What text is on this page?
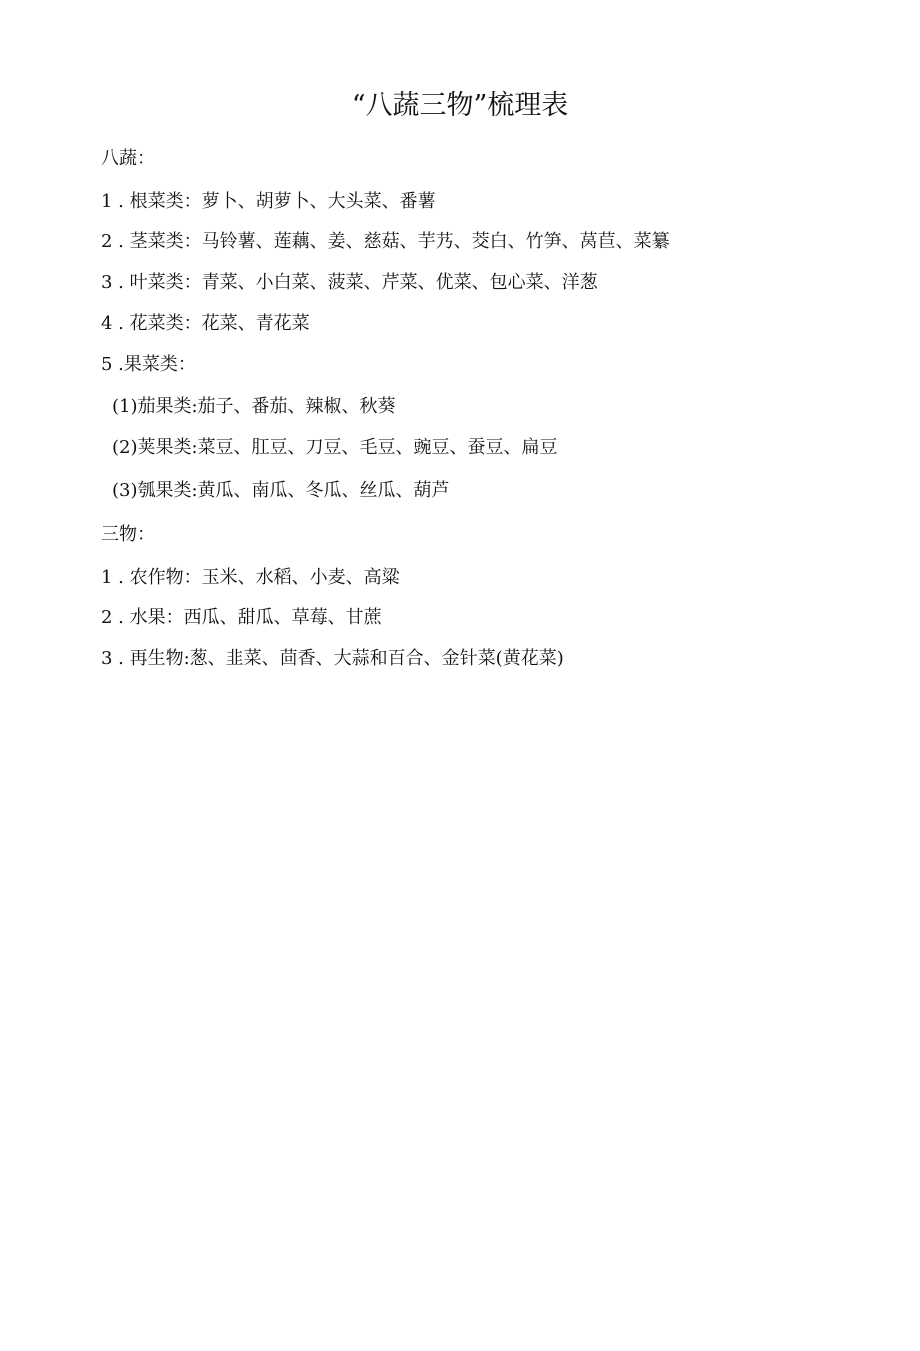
“八蔬三物”梳理表
八蔬：
1 . 根菜类：萝卜、胡萝卜、大头菜、番薯
2 . 茎菜类：马铃薯、莲藕、姜、慈菇、芋艿、茭白、竹笋、莴苣、菜纂
3 . 叶菜类：青菜、小白菜、菠菜、芹菜、优菜、包心菜、洋葱
4 . 花菜类：花菜、青花菜
5 .果菜类：
(1)茄果类:茄子、番茄、辣椒、秋葵
(2)荚果类:菜豆、肛豆、刀豆、毛豆、豌豆、蚕豆、扁豆
(3)瓠果类:黄瓜、南瓜、冬瓜、丝瓜、葫芦
三物：
1 . 农作物：玉米、水稻、小麦、高粱
2 . 水果：西瓜、甜瓜、草莓、甘蔗
3 . 再生物:葱、韭菜、茴香、大蒜和百合、金针菜(黄花菜)
